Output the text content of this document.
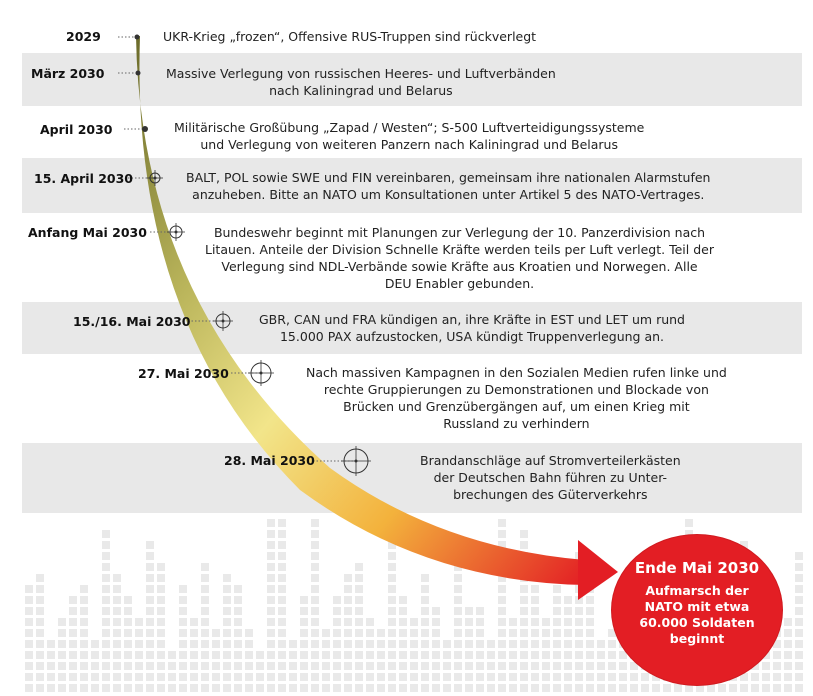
2029
März 2030
April 2030
15. April 2030
Anfang Mai 2030
15./16. Mai 2030
27. Mai 2030
28. Mai 2030
UKR-Krieg „frozen“, Offensive RUS-Truppen sind rückverlegt
Massive Verlegung von russischen Heeres- und Luftverbänden
nach Kaliningrad und Belarus
Militärische Großübung „Zapad / Westen“; S-500 Luftverteidigungssysteme
und Verlegung von weiteren Panzern nach Kaliningrad und Belarus
BALT, POL sowie SWE und FIN vereinbaren, gemeinsam ihre nationalen Alarmstufen
anzuheben. Bitte an NATO um Konsultationen unter Artikel 5 des NATO-Vertrages.
Bundeswehr beginnt mit Planungen zur Verlegung der 10. Panzerdivision nach
Litauen. Anteile der Division Schnelle Kräfte werden teils per Luft verlegt. Teil der
Verlegung sind NDL-Verbände sowie Kräfte aus Kroatien und Norwegen. Alle
DEU Enabler gebunden.
GBR, CAN und FRA kündigen an, ihre Kräfte in EST und LET um rund
15.000 PAX aufzustocken, USA kündigt Truppenverlegung an.
Nach massiven Kampagnen in den Sozialen Medien rufen linke und
rechte Gruppierungen zu Demonstrationen und Blockade von
Brücken und Grenzübergängen auf, um einen Krieg mit
Russland zu verhindern
Brandanschläge auf Stromverteilerkästen
der Deutschen Bahn führen zu Unter-
brechungen des Güterverkehrs
Ende Mai 2030
Aufmarsch der
NATO mit etwa
60.000 Soldaten
beginnt
